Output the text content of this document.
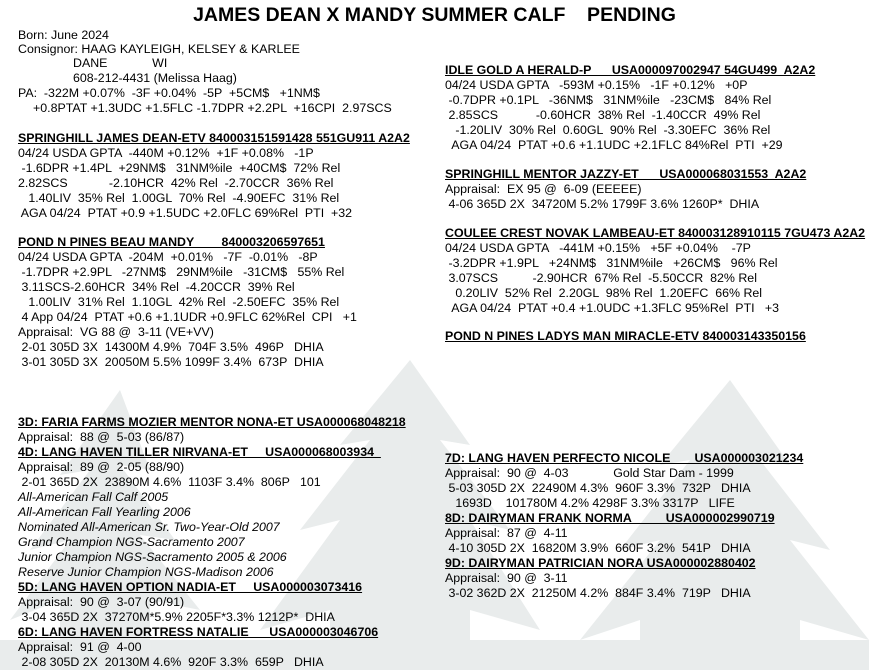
JAMES DEAN X MANDY SUMMER CALF    PENDING
Born: June 2024
Consignor: HAAG KAYLEIGH, KELSEY & KARLEE
DANE             WI
608-212-4431 (Melissa Haag)
PA:  -322M +0.07%  -3F +0.04%  -5P  +5CM$   +1NM$
+0.8PTAT +1.3UDC +1.5FLC -1.7DPR +2.2PL  +16CPI  2.97SCS
SPRINGHILL JAMES DEAN-ETV 840003151591428 551GU911 A2A2
04/24 USDA GPTA  -440M +0.12%  +1F +0.08%   -1P
-1.6DPR +1.4PL  +29NM$   31NM%ile  +40CM$  72% Rel
2.82SCS            -2.10HCR  42% Rel  -2.70CCR  36% Rel
1.40LIV  35% Rel  1.00GL  70% Rel  -4.90EFC  31% Rel
AGA 04/24  PTAT +0.9 +1.5UDC +2.0FLC 69%Rel  PTI  +32
POND N PINES BEAU MANDY        840003206597651
04/24 USDA GPTA  -204M  +0.01%   -7F  -0.01%   -8P
-1.7DPR +2.9PL   -27NM$   29NM%ile   -31CM$   55% Rel
3.11SCS-2.60HCR  34% Rel  -4.20CCR  39% Rel
1.00LIV  31% Rel  1.10GL  42% Rel  -2.50EFC  35% Rel
4 App 04/24  PTAT +0.6 +1.1UDR +0.9FLC 62%Rel  CPI   +1
Appraisal:  VG 88 @  3-11 (VE+VV)
2-01 305D 3X  14300M 4.9%  704F 3.5%  496P   DHIA
3-01 305D 3X  20050M 5.5% 1099F 3.4%  673P  DHIA
3D: FARIA FARMS MOZIER MENTOR NONA-ET USA000068048218
Appraisal:  88 @  5-03 (86/87)
4D: LANG HAVEN TILLER NIRVANA-ET     USA000068003934
Appraisal:  89 @  2-05 (88/90)
2-01 365D 2X  23890M 4.6%  1103F 3.4%  806P   101
All-American Fall Calf 2005
All-American Fall Yearling 2006
Nominated All-American Sr. Two-Year-Old 2007
Grand Champion NGS-Sacramento 2007
Junior Champion NGS-Sacramento 2005 & 2006
Reserve Junior Champion NGS-Madison 2006
5D: LANG HAVEN OPTION NADIA-ET     USA000003073416
Appraisal:  90 @  3-07 (90/91)
3-04 365D 2X  37270M*5.9% 2205F*3.3% 1212P*  DHIA
6D: LANG HAVEN FORTRESS NATALIE      USA000003046706
Appraisal:  91 @  4-00
2-08 305D 2X  20130M 4.6%  920F 3.3%  659P   DHIA
IDLE GOLD A HERALD-P      USA000097002947 54GU499  A2A2
04/24 USDA GPTA   -593M +0.15%   -1F +0.12%   +0P
-0.7DPR +0.1PL   -36NM$   31NM%ile   -23CM$   84% Rel
2.85SCS           -0.60HCR  38% Rel  -1.40CCR  49% Rel
-1.20LIV  30% Rel  0.60GL  90% Rel  -3.30EFC  36% Rel
AGA 04/24  PTAT +0.6 +1.1UDC +2.1FLC 84%Rel  PTI  +29
SPRINGHILL MENTOR JAZZY-ET      USA000068031553  A2A2
Appraisal:  EX 95 @  6-09 (EEEEE)
4-06 365D 2X  34720M 5.2% 1799F 3.6% 1260P*  DHIA
COULEE CREST NOVAK LAMBEAU-ET 840003128910115 7GU473 A2A2
04/24 USDA GPTA   -441M +0.15%   +5F +0.04%    -7P
-3.2DPR +1.9PL   +24NM$   31NM%ile   +26CM$   96% Rel
3.07SCS          -2.90HCR  67% Rel  -5.50CCR  82% Rel
0.20LIV  52% Rel  2.20GL  98% Rel  1.20EFC  66% Rel
AGA 04/24  PTAT +0.4 +1.0UDC +1.3FLC 95%Rel  PTI   +3
POND N PINES LADYS MAN MIRACLE-ETV 840003143350156
7D: LANG HAVEN PERFECTO NICOLE       USA000003021234
Appraisal:  90 @  4-03             Gold Star Dam - 1999
5-03 305D 2X  22490M 4.3%  960F 3.3%  732P   DHIA
1693D    101780M 4.2% 4298F 3.3% 3317P   LIFE
8D: DAIRYMAN FRANK NORMA          USA000002990719
Appraisal:  87 @  4-11
4-10 305D 2X  16820M 3.9%  660F 3.2%  541P   DHIA
9D: DAIRYMAN PATRICIAN NORA USA000002880402
Appraisal:  90 @  3-11
3-02 362D 2X  21250M 4.2%  884F 3.4%  719P   DHIA
